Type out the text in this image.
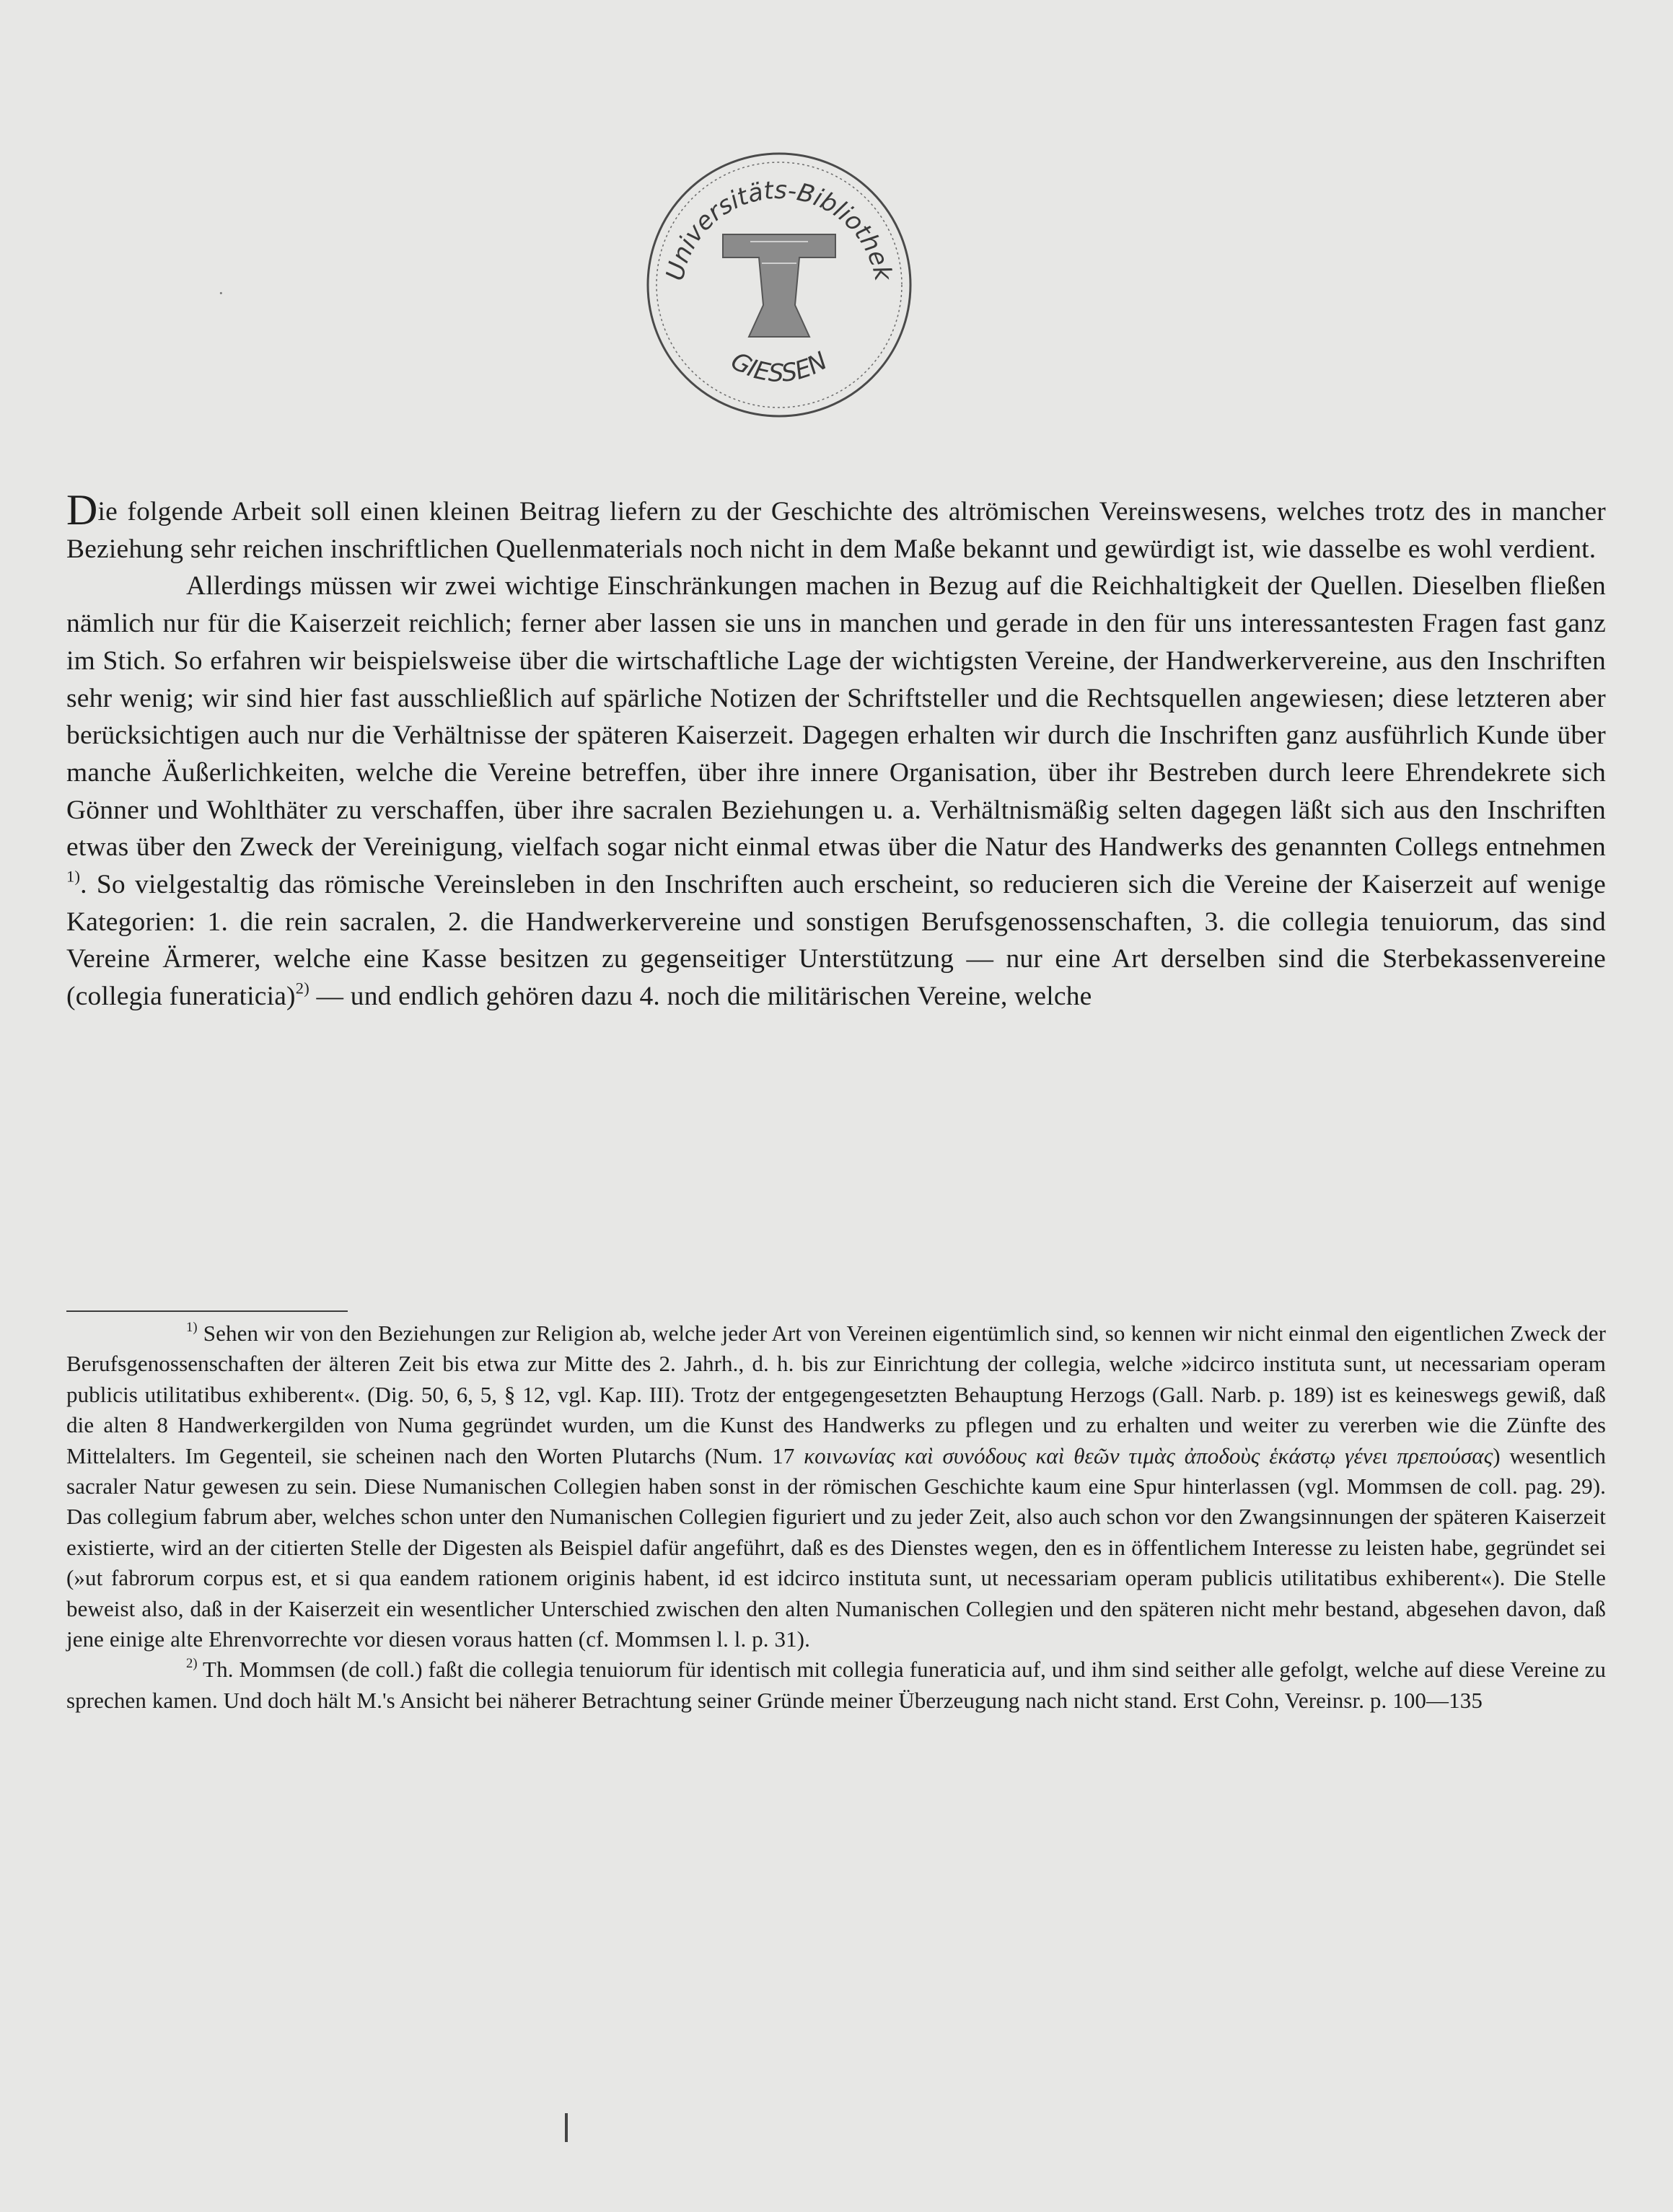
Universitäts-Bibliothek
GIESSEN
·

Die folgende Arbeit soll einen kleinen Beitrag liefern zu der Geschichte des altrömischen Vereinswesens, welches trotz des in mancher Beziehung sehr reichen inschriftlichen Quellenmaterials noch nicht in dem Maße bekannt und gewürdigt ist, wie dasselbe es wohl verdient.

Allerdings müssen wir zwei wichtige Einschränkungen machen in Bezug auf die Reichhaltigkeit der Quellen. Dieselben fließen nämlich nur für die Kaiserzeit reichlich; ferner aber lassen sie uns in manchen und gerade in den für uns interessantesten Fragen fast ganz im Stich. So erfahren wir beispielsweise über die wirtschaftliche Lage der wichtigsten Vereine, der Handwerkervereine, aus den Inschriften sehr wenig; wir sind hier fast ausschließlich auf spärliche Notizen der Schriftsteller und die Rechtsquellen angewiesen; diese letzteren aber berücksichtigen auch nur die Verhältnisse der späteren Kaiserzeit. Dagegen erhalten wir durch die Inschriften ganz ausführlich Kunde über manche Äußerlichkeiten, welche die Vereine betreffen, über ihre innere Organisation, über ihr Bestreben durch leere Ehrendekrete sich Gönner und Wohlthäter zu verschaffen, über ihre sacralen Beziehungen u. a. Verhältnismäßig selten dagegen läßt sich aus den Inschriften etwas über den Zweck der Vereinigung, vielfach sogar nicht einmal etwas über die Natur des Handwerks des genannten Collegs entnehmen $^{1)}$. So vielgestaltig das römische Vereinsleben in den Inschriften auch erscheint, so reducieren sich die Vereine der Kaiserzeit auf wenige Kategorien: 1. die rein sacralen, 2. die Handwerkervereine und sonstigen Berufsgenossenschaften, 3. die collegia tenuiorum, das sind Vereine Ärmerer, welche eine Kasse besitzen zu gegenseitiger Unterstützung — nur eine Art derselben sind die Sterbekassenvereine (collegia funeraticia)$^{2)}$ — und endlich gehören dazu 4. noch die militärischen Vereine, welche

$^{1)}$ Sehen wir von den Beziehungen zur Religion ab, welche jeder Art von Vereinen eigentümlich sind, so kennen wir nicht einmal den eigentlichen Zweck der Berufsgenossenschaften der älteren Zeit bis etwa zur Mitte des 2. Jahrh., d. h. bis zur Einrichtung der collegia, welche »idcirco instituta sunt, ut necessariam operam publicis utilitatibus exhiberent«. (Dig. 50, 6, 5, § 12, vgl. Kap. III). Trotz der entgegengesetzten Behauptung Herzogs (Gall. Narb. p. 189) ist es keineswegs gewiß, daß die alten 8 Handwerkergilden von Numa gegründet wurden, um die Kunst des Handwerks zu pflegen und zu erhalten und weiter zu vererben wie die Zünfte des Mittelalters. Im Gegenteil, sie scheinen nach den Worten Plutarchs (Num. 17 κοινωνίας καὶ συνόδους καὶ θεῶν τιμὰς ἀποδοὺς ἑκάστῳ γένει πρεπούσας) wesentlich sacraler Natur gewesen zu sein. Diese Numanischen Collegien haben sonst in der römischen Geschichte kaum eine Spur hinterlassen (vgl. Mommsen de coll. pag. 29). Das collegium fabrum aber, welches schon unter den Numanischen Collegien figuriert und zu jeder Zeit, also auch schon vor den Zwangsinnungen der späteren Kaiserzeit existierte, wird an der citierten Stelle der Digesten als Beispiel dafür angeführt, daß es des Dienstes wegen, den es in öffentlichem Interesse zu leisten habe, gegründet sei (»ut fabrorum corpus est, et si qua eandem rationem originis habent, id est idcirco instituta sunt, ut necessariam operam publicis utilitatibus exhiberent«). Die Stelle beweist also, daß in der Kaiserzeit ein wesentlicher Unterschied zwischen den alten Numanischen Collegien und den späteren nicht mehr bestand, abgesehen davon, daß jene einige alte Ehrenvorrechte vor diesen voraus hatten (cf. Mommsen l. l. p. 31).

$^{2)}$ Th. Mommsen (de coll.) faßt die collegia tenuiorum für identisch mit collegia funeraticia auf, und ihm sind seither alle gefolgt, welche auf diese Vereine zu sprechen kamen. Und doch hält M.'s Ansicht bei näherer Betrachtung seiner Gründe meiner Überzeugung nach nicht stand. Erst Cohn, Vereinsr. p. 100—135
